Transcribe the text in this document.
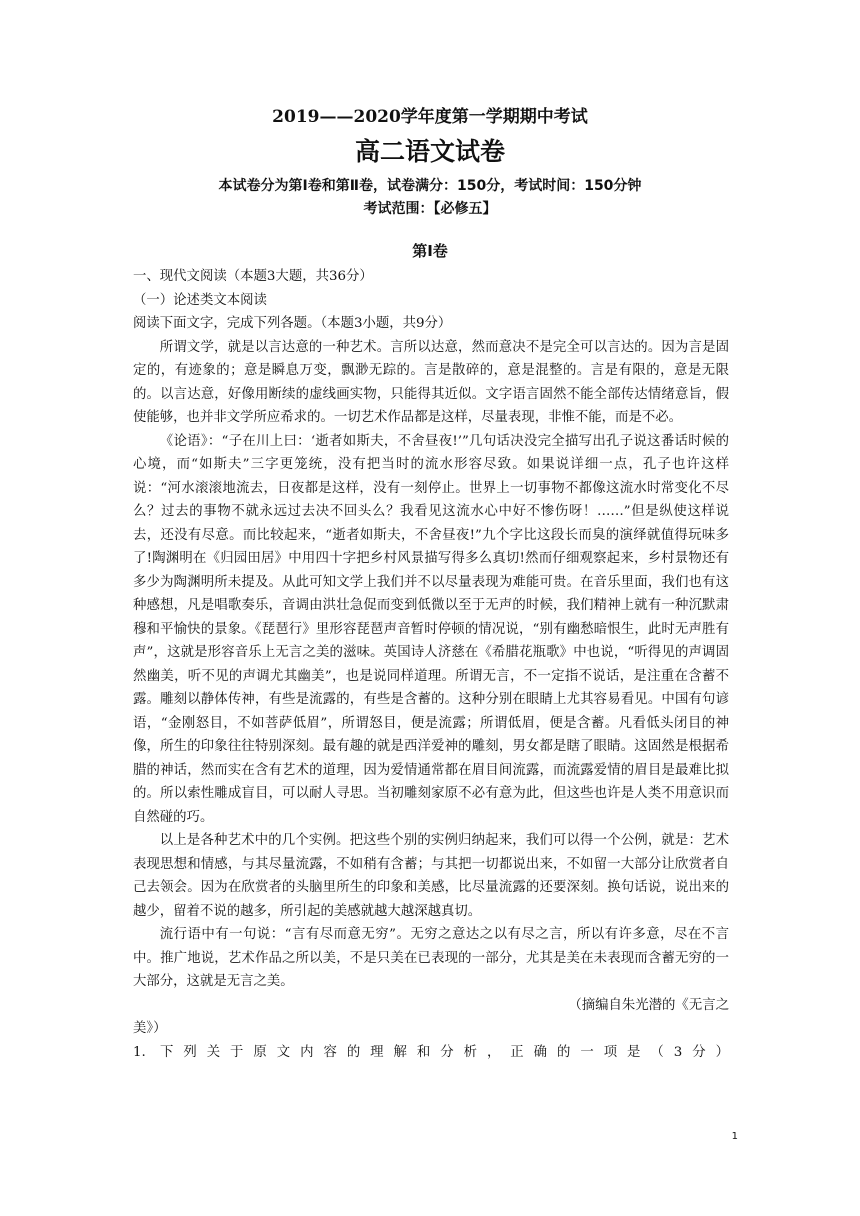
2019——2020学年度第一学期期中考试
高二语文试卷
本试卷分为第Ⅰ卷和第Ⅱ卷，试卷满分：150分，考试时间：150分钟
考试范围：【必修五】
第Ⅰ卷

一、现代文阅读（本题3大题，共36分）

（一）论述类文本阅读

阅读下面文字，完成下列各题。（本题3小题，共9分）

所谓文学，就是以言达意的一种艺术。言所以达意，然而意决不是完全可以言达的。因为言是固定的，有迹象的；意是瞬息万变，飘渺无踪的。言是散碎的，意是混整的。言是有限的，意是无限的。以言达意，好像用断续的虚线画实物，只能得其近似。文字语言固然不能全部传达情绪意旨，假使能够，也并非文学所应希求的。一切艺术作品都是这样，尽量表现，非惟不能，而是不必。

《论语》：“子在川上曰：‘逝者如斯夫，不舍昼夜!’”几句话决没完全描写出孔子说这番话时候的心境，而“如斯夫”三字更笼统，没有把当时的流水形容尽致。如果说详细一点，孔子也许这样说：“河水滚滚地流去，日夜都是这样，没有一刻停止。世界上一切事物不都像这流水时常变化不尽么？过去的事物不就永远过去决不回头么？我看见这流水心中好不惨伤呀！……”但是纵使这样说去，还没有尽意。而比较起来，“逝者如斯夫，不舍昼夜!”九个字比这段长而臭的演绎就值得玩味多了!陶渊明在《归园田居》中用四十字把乡村风景描写得多么真切!然而仔细观察起来，乡村景物还有多少为陶渊明所未提及。从此可知文学上我们并不以尽量表现为难能可贵。在音乐里面，我们也有这种感想，凡是唱歌奏乐，音调由洪壮急促而变到低微以至于无声的时候，我们精神上就有一种沉默肃穆和平愉快的景象。《琵琶行》里形容琵琶声音暂时停顿的情况说，“别有幽愁暗恨生，此时无声胜有声”，这就是形容音乐上无言之美的滋味。英国诗人济慈在《希腊花瓶歌》中也说，“听得见的声调固然幽美，听不见的声调尤其幽美”，也是说同样道理。所谓无言，不一定指不说话，是注重在含蓄不露。雕刻以静体传神，有些是流露的，有些是含蓄的。这种分别在眼睛上尤其容易看见。中国有句谚语，“金刚怒目，不如菩萨低眉”，所谓怒目，便是流露；所谓低眉，便是含蓄。凡看低头闭目的神像，所生的印象往往特别深刻。最有趣的就是西洋爱神的雕刻，男女都是瞎了眼睛。这固然是根据希腊的神话，然而实在含有艺术的道理，因为爱情通常都在眉目间流露，而流露爱情的眉目是最难比拟的。所以索性雕成盲目，可以耐人寻思。当初雕刻家原不必有意为此，但这些也许是人类不用意识而自然碰的巧。

以上是各种艺术中的几个实例。把这些个别的实例归纳起来，我们可以得一个公例，就是：艺术表现思想和情感，与其尽量流露，不如稍有含蓄；与其把一切都说出来，不如留一大部分让欣赏者自己去领会。因为在欣赏者的头脑里所生的印象和美感，比尽量流露的还要深刻。换句话说，说出来的越少，留着不说的越多，所引起的美感就越大越深越真切。

流行语中有一句说：“言有尽而意无穷”。无穷之意达之以有尽之言，所以有许多意，尽在不言中。推广地说，艺术作品之所以美，不是只美在已表现的一部分，尤其是美在未表现而含蓄无穷的一大部分，这就是无言之美。

（摘编自朱光潜的《无言之

美》）

1. 下列关于原文内容的理解和分析，正确的一项是（3分）

1
